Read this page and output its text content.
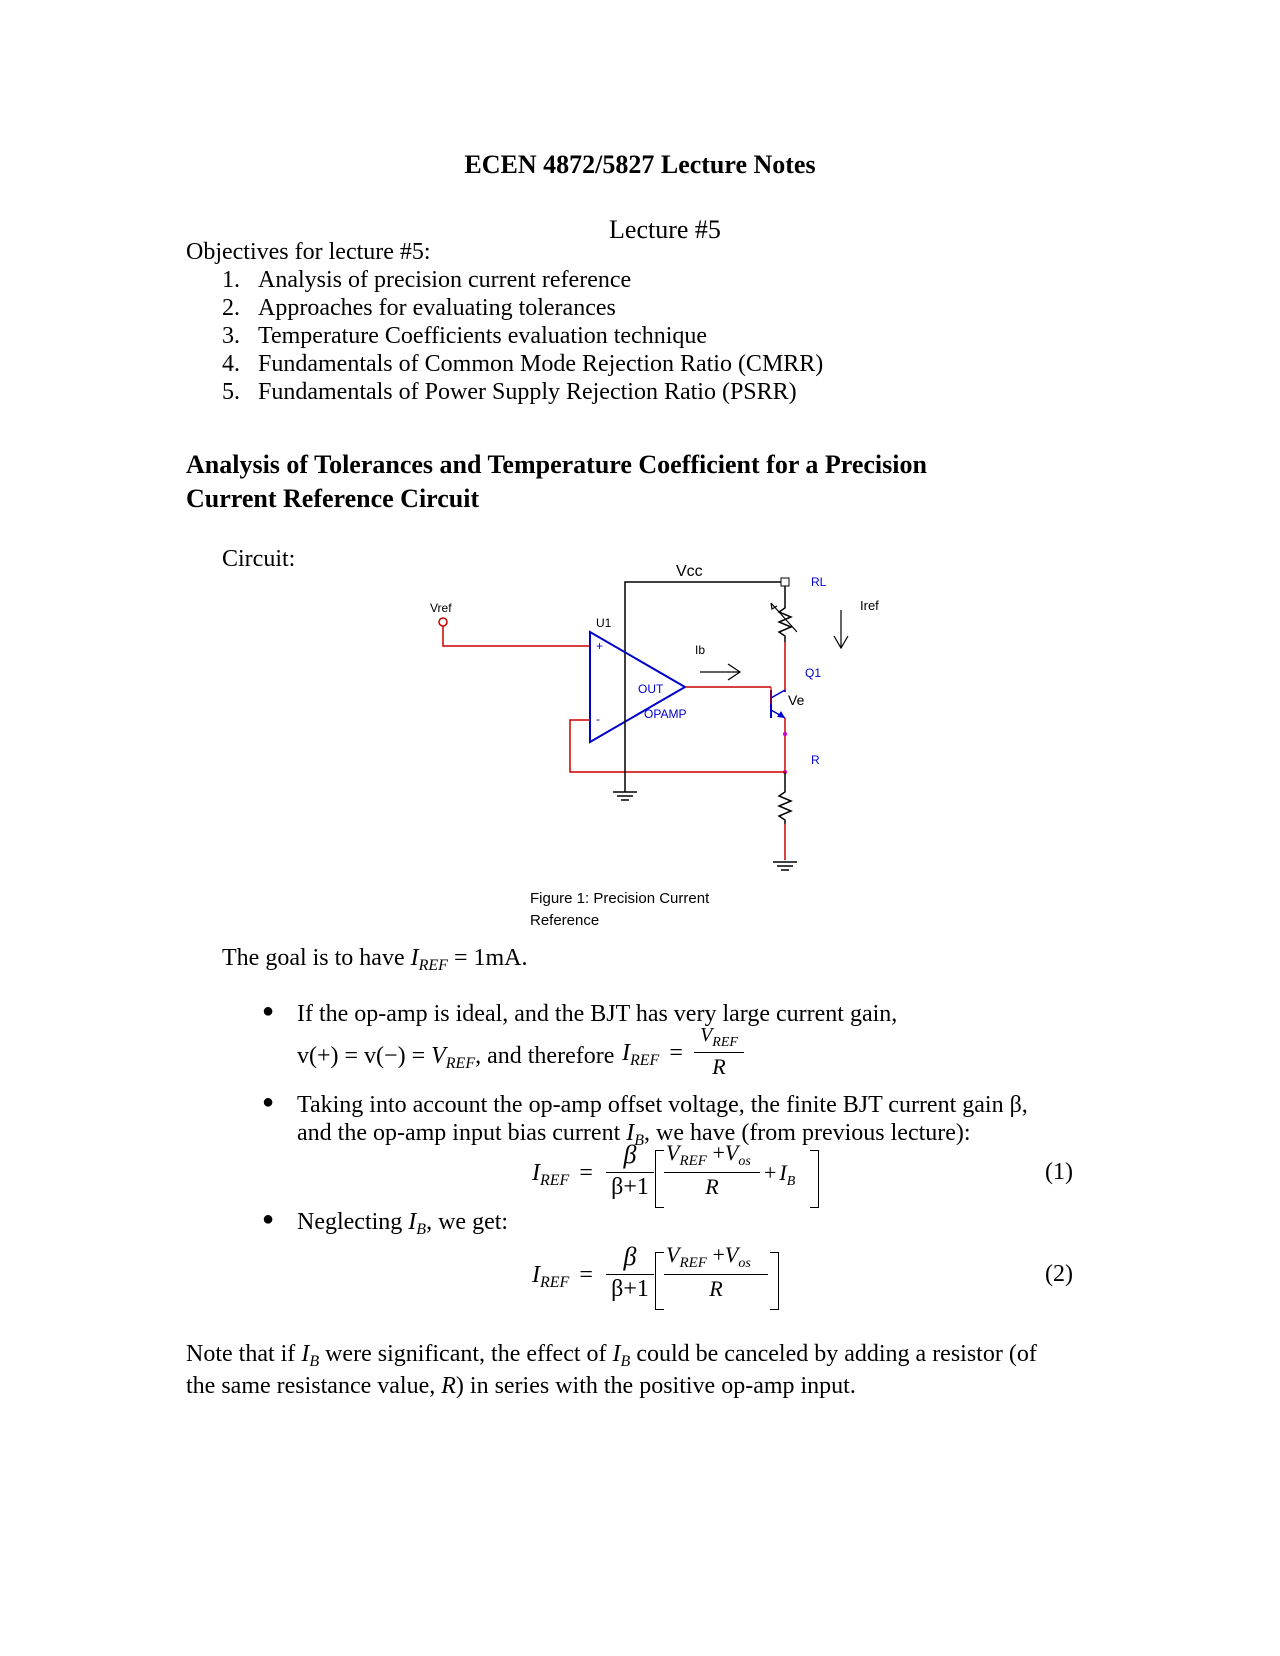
ECEN 4872/5827 Lecture Notes
Lecture #5
Objectives for lecture #5:
1. Analysis of precision current reference
2. Approaches for evaluating tolerances
3. Temperature Coefficients evaluation technique
4. Fundamentals of Common Mode Rejection Ratio (CMRR)
5. Fundamentals of Power Supply Rejection Ratio (PSRR)
Analysis of Tolerances and Temperature Coefficient for a Precision
Current Reference Circuit
Circuit:	Vcc
Vref
U1
+
-
OUT
OPAMP
Ib
Q1
Ve
RL
Iref
R
Figure 1: Precision Current
Reference
The goal is to have $I_{REF} = 1mA$.
● If the op-amp is ideal, and the BJT has very large current gain,
$v(+) = v(-) = V_{REF}$, and therefore $I_{REF}$ =
$V_{REF}$
R
● Taking into account the op-amp offset voltage, the finite BJT current gain β,
and the op-amp input bias current $I_B$, we have (from previous lecture):
$I_{REF}$ =
β
β+1
$V_{REF} +V_{os}$
R
+ $I_B$	(1)
● Neglecting $I_B$, we get:
$I_{REF}$ =
β
β+1
$V_{REF} +V_{os}$
R
(2)
Note that if $I_B$ were significant, the effect of $I_B$ could be canceled by adding a resistor (of
the same resistance value, R) in series with the positive op-amp input.
